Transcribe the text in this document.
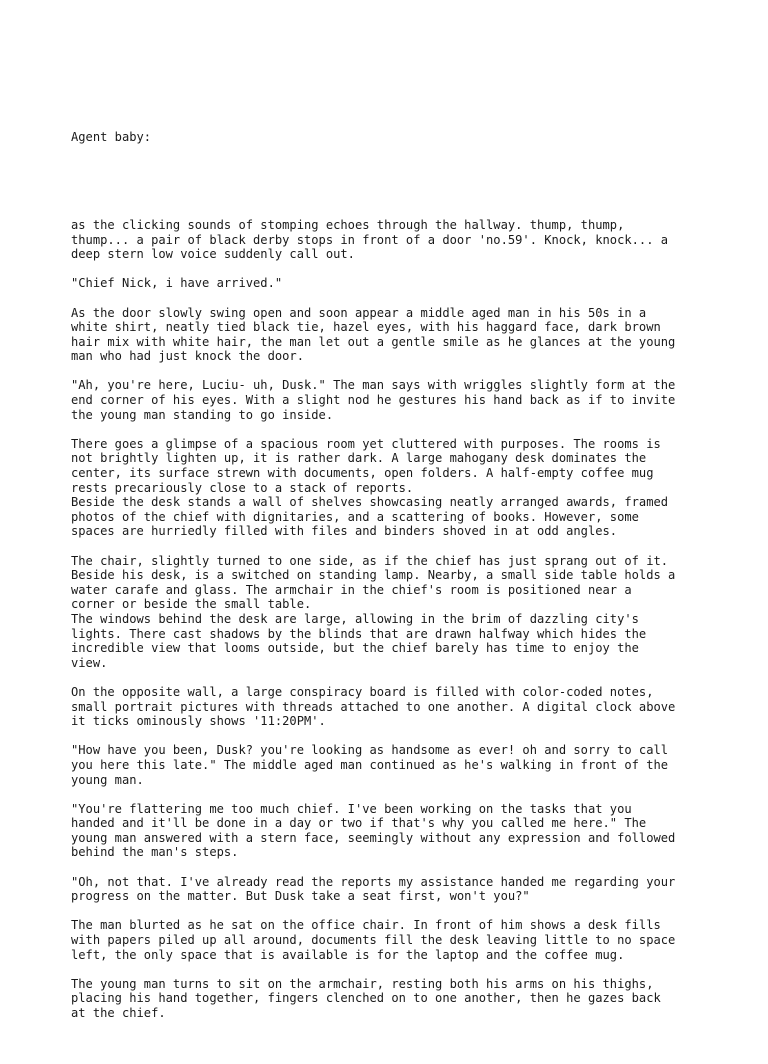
Agent baby:

as the clicking sounds of stomping echoes through the hallway. thump, thump,
thump... a pair of black derby stops in front of a door 'no.59'. Knock, knock... a
deep stern low voice suddenly call out.
"Chief Nick, i have arrived."
As the door slowly swing open and soon appear a middle aged man in his 50s in a
white shirt, neatly tied black tie, hazel eyes, with his haggard face, dark brown
hair mix with white hair, the man let out a gentle smile as he glances at the young
man who had just knock the door.
"Ah, you're here, Luciu- uh, Dusk." The man says with wriggles slightly form at the
end corner of his eyes. With a slight nod he gestures his hand back as if to invite
the young man standing to go inside.
There goes a glimpse of a spacious room yet cluttered with purposes. The rooms is
not brightly lighten up, it is rather dark. A large mahogany desk dominates the
center, its surface strewn with documents, open folders. A half-empty coffee mug
rests precariously close to a stack of reports.
Beside the desk stands a wall of shelves showcasing neatly arranged awards, framed
photos of the chief with dignitaries, and a scattering of books. However, some
spaces are hurriedly filled with files and binders shoved in at odd angles.
The chair, slightly turned to one side, as if the chief has just sprang out of it.
Beside his desk, is a switched on standing lamp. Nearby, a small side table holds a
water carafe and glass. The armchair in the chief's room is positioned near a
corner or beside the small table.
The windows behind the desk are large, allowing in the brim of dazzling city's
lights. There cast shadows by the blinds that are drawn halfway which hides the
incredible view that looms outside, but the chief barely has time to enjoy the
view.
On the opposite wall, a large conspiracy board is filled with color-coded notes,
small portrait pictures with threads attached to one another. A digital clock above
it ticks ominously shows '11:20PM'.
"How have you been, Dusk? you're looking as handsome as ever! oh and sorry to call
you here this late." The middle aged man continued as he's walking in front of the
young man.
"You're flattering me too much chief. I've been working on the tasks that you
handed and it'll be done in a day or two if that's why you called me here." The
young man answered with a stern face, seemingly without any expression and followed
behind the man's steps.
"Oh, not that. I've already read the reports my assistance handed me regarding your
progress on the matter. But Dusk take a seat first, won't you?"
The man blurted as he sat on the office chair. In front of him shows a desk fills
with papers piled up all around, documents fill the desk leaving little to no space
left, the only space that is available is for the laptop and the coffee mug.
The young man turns to sit on the armchair, resting both his arms on his thighs,
placing his hand together, fingers clenched on to one another, then he gazes back
at the chief.
